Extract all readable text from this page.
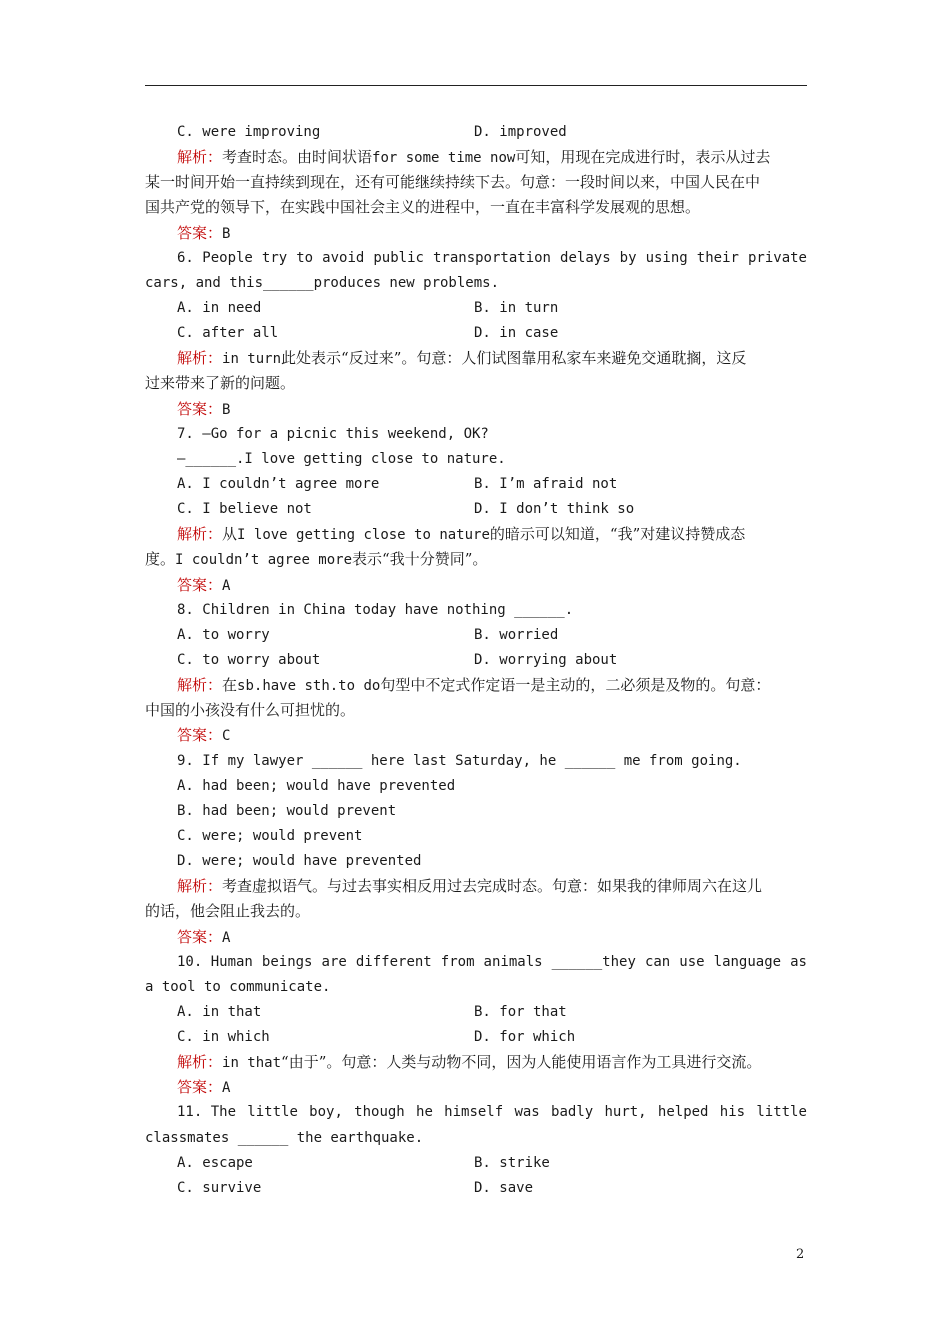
C. were improving	D. improved
解析：考查时态。由时间状语for some time now可知，用现在完成进行时，表示从过去
某一时间开始一直持续到现在，还有可能继续持续下去。句意：一段时间以来，中国人民在中
国共产党的领导下，在实践中国社会主义的进程中，一直在丰富科学发展观的思想。
答案：B
6. People try to avoid public transportation delays by using their private
cars, and this______produces new problems.
A. in need	B. in turn
C. after all	D. in case
解析：in turn此处表示“反过来”。句意：人们试图靠用私家车来避免交通耽搁，这反
过来带来了新的问题。
答案：B
7. —Go for a picnic this weekend, OK?
—______.I love getting close to nature.
A. I couldn’t agree more	B. I’m afraid not
C. I believe not	D. I don’t think so
解析：从I love getting close to nature的暗示可以知道，“我”对建议持赞成态
度。I couldn’t agree more表示“我十分赞同”。
答案：A
8. Children in China today have nothing ______.
A. to worry	B. worried
C. to worry about	D. worrying about
解析：在sb.have sth.to do句型中不定式作定语一是主动的，二必须是及物的。句意：
中国的小孩没有什么可担忧的。
答案：C
9. If my lawyer ______ here last Saturday, he ______ me from going.
A. had been; would have prevented
B. had been; would prevent
C. were; would prevent
D. were; would have prevented
解析：考查虚拟语气。与过去事实相反用过去完成时态。句意：如果我的律师周六在这儿
的话，他会阻止我去的。
答案：A
10. Human beings are different from animals ______they can use language as
a tool to communicate.
A. in that	B. for that
C. in which	D. for which
解析：in that“由于”。句意：人类与动物不同，因为人能使用语言作为工具进行交流。
答案：A
11. The little boy, though he himself was badly hurt, helped his little
classmates ______ the earthquake.
A. escape	B. strike
C. survive	D. save
2
